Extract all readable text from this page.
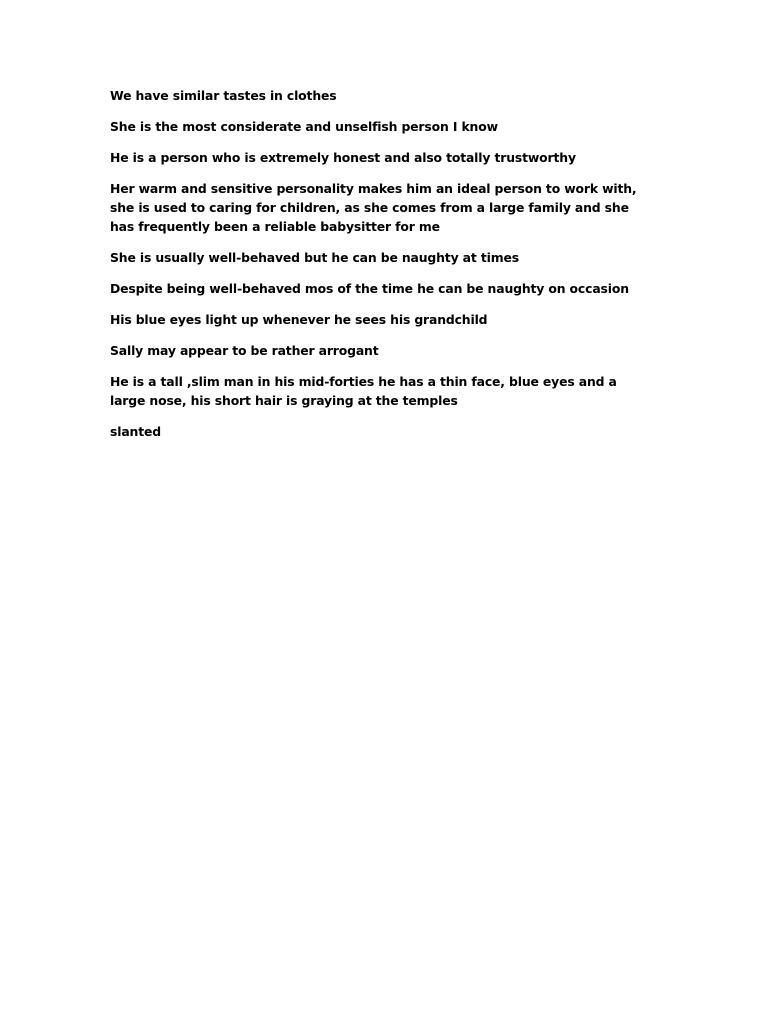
We have similar tastes in clothes

She is the most considerate and unselfish person I know

He is a person who is extremely honest and also totally trustworthy

Her warm and sensitive personality makes him an ideal person to work with, she is used to caring for children, as she comes from a large family and she has frequently been a reliable babysitter for me

She is usually well-behaved but he can be naughty at times

Despite being well-behaved mos of the time he can be naughty on occasion

His blue eyes light up whenever he sees his grandchild

Sally may appear to be rather arrogant

He is a tall ,slim man in his mid-forties he has a thin face, blue eyes and a large nose, his short hair is graying at the temples

slanted
